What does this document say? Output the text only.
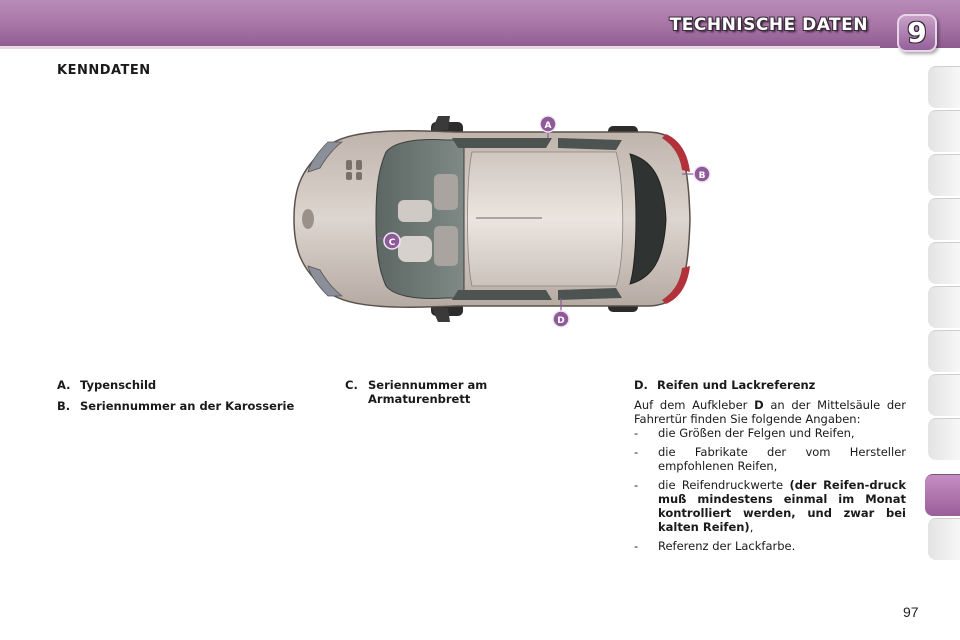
TECHNISCHE DATEN 9
KENNDATEN
A
B
C
D
A. Typenschild
B. Seriennummer an der Karosserie
C. Seriennummer am Armaturenbrett
D. Reifen und Lackreferenz

Auf dem Aufkleber D an der Mittelsäule der Fahrertür finden Sie folgende Angaben:

- die Größen der Felgen und Reifen,
- die Fabrikate der vom Hersteller empfohlenen Reifen,
- die Reifendruckwerte (der Reifen-druck muß mindestens einmal im Monat kontrolliert werden, und zwar bei kalten Reifen),
- Referenz der Lackfarbe.
97
